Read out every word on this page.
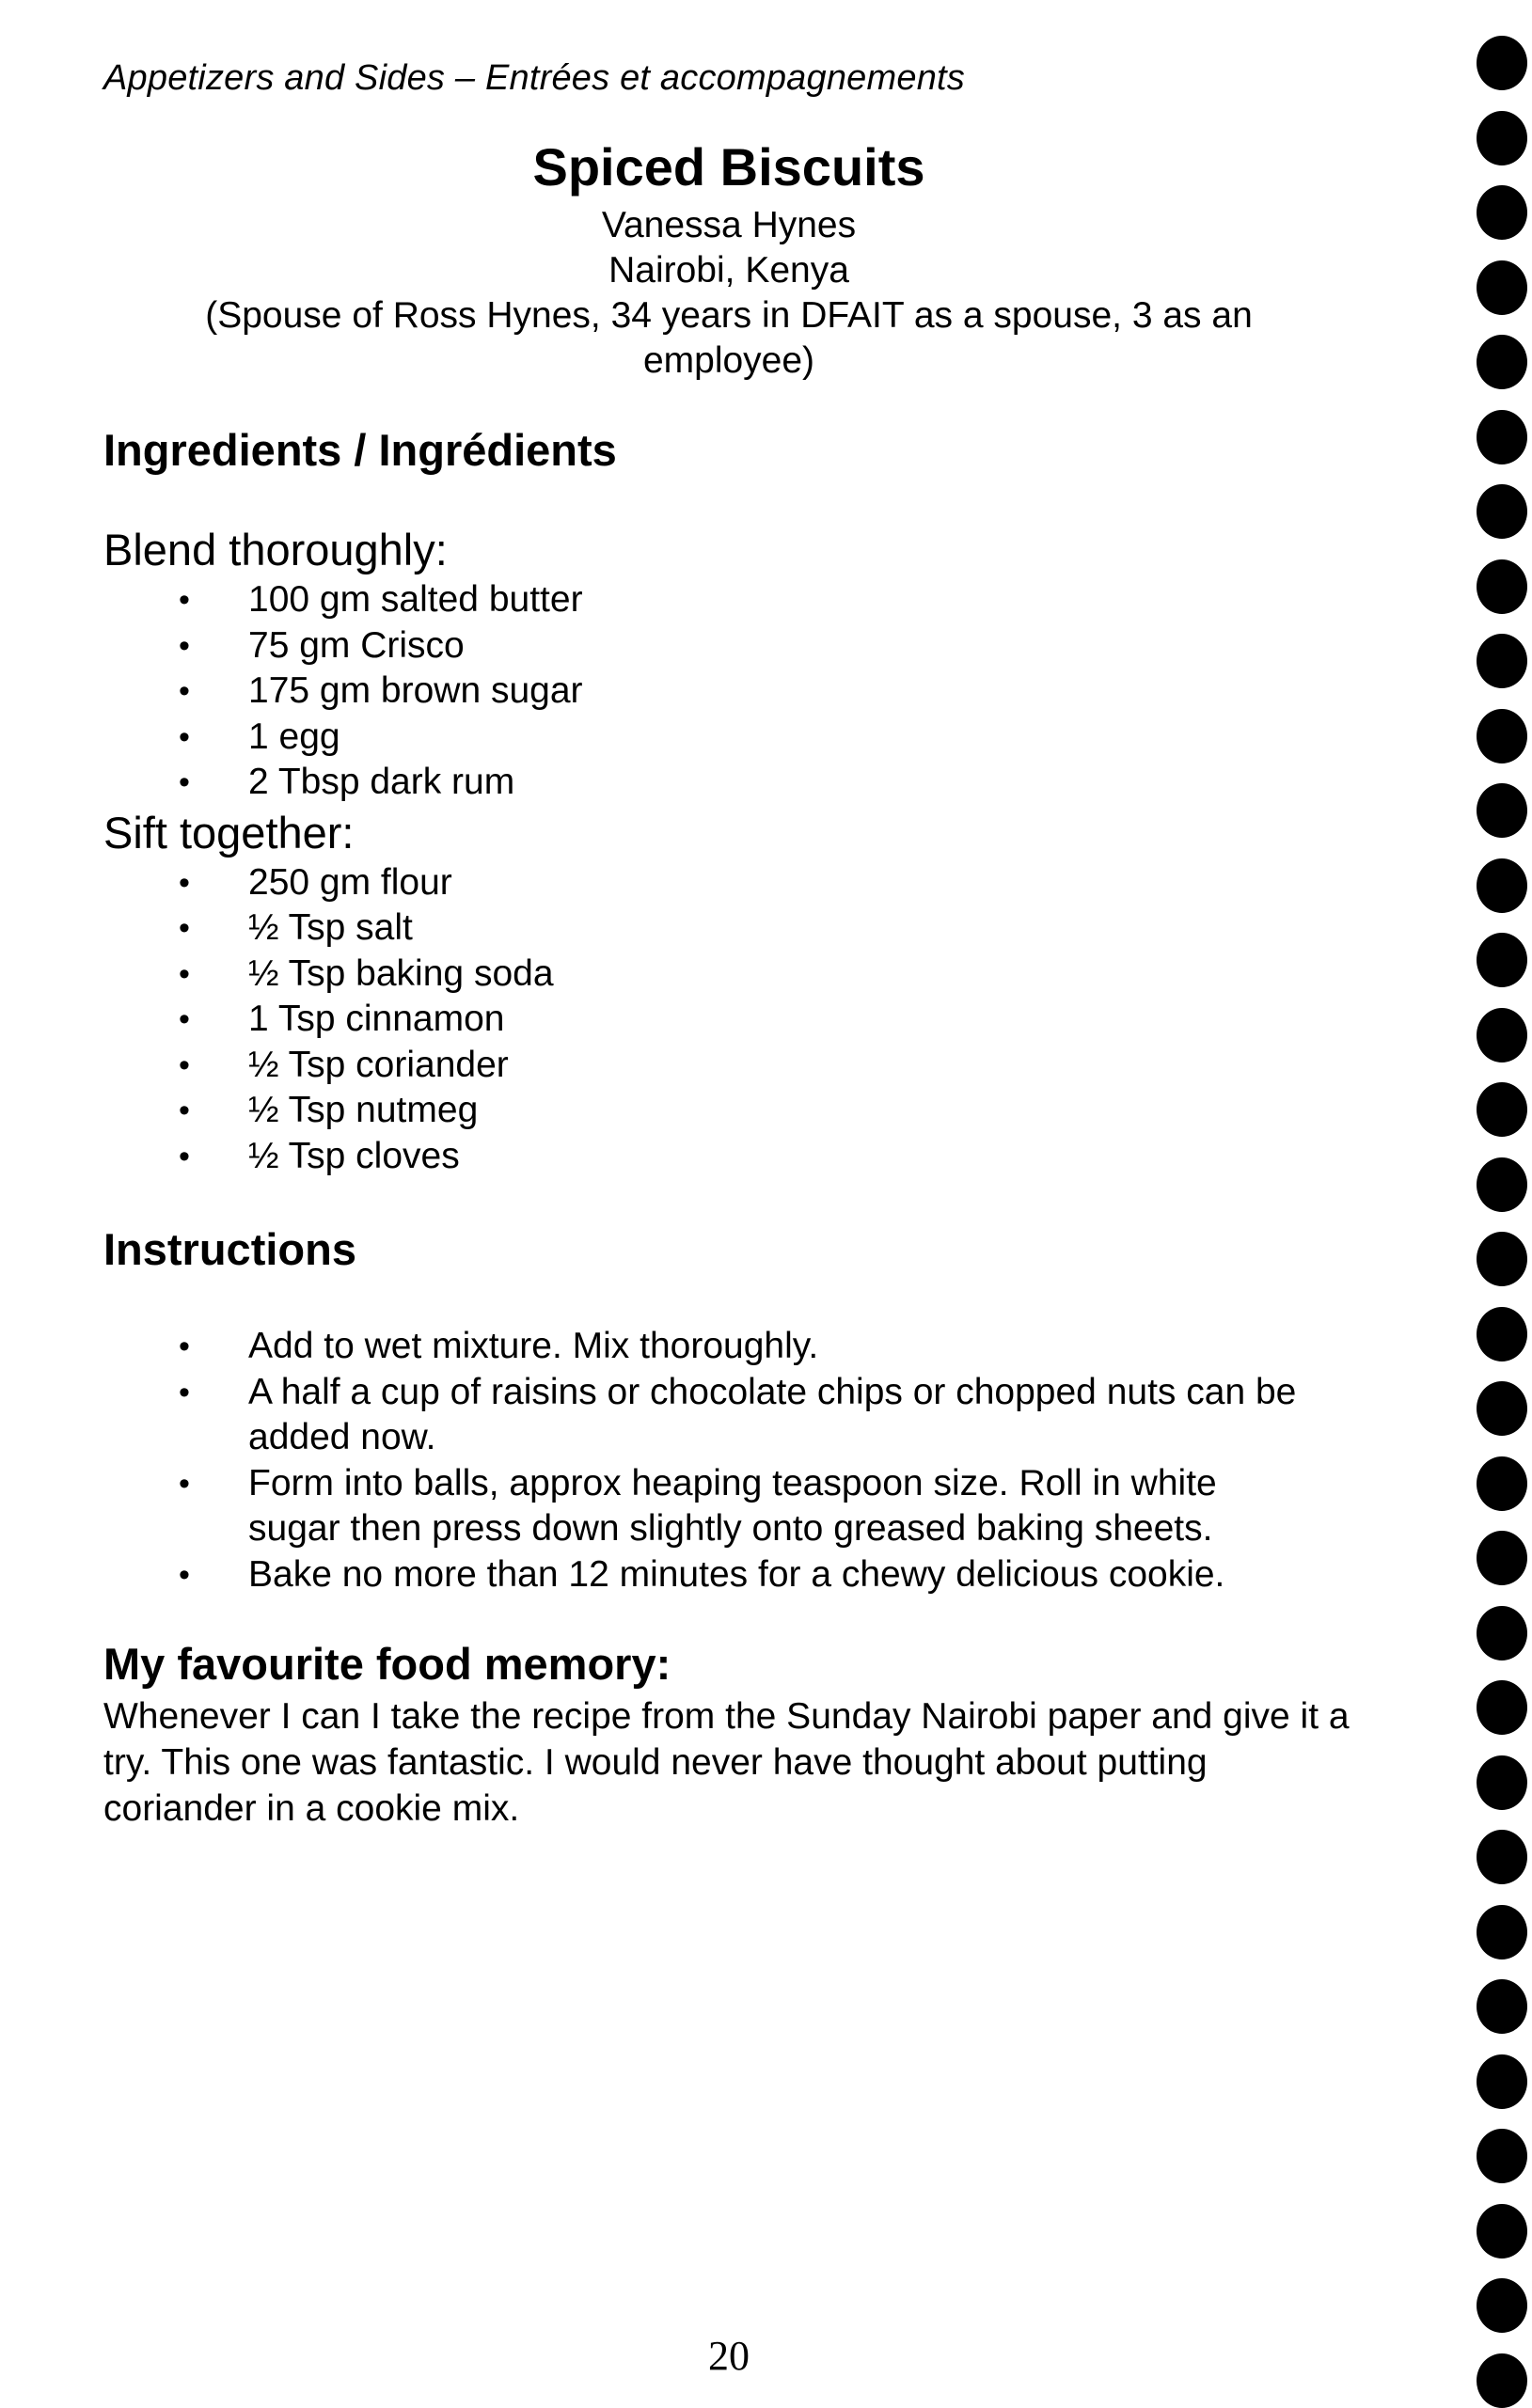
Appetizers and Sides – Entrées et accompagnements
Spiced Biscuits
Vanessa Hynes
Nairobi, Kenya
(Spouse of Ross Hynes, 34 years in DFAIT as a spouse, 3 as an
employee)
Ingredients / Ingrédients
Blend thoroughly:
• 100 gm salted butter
• 75 gm Crisco
• 175 gm brown sugar
• 1 egg
• 2 Tbsp dark rum
Sift together:
• 250 gm flour
• ½ Tsp salt
• ½ Tsp baking soda
• 1 Tsp cinnamon
• ½ Tsp coriander
• ½ Tsp nutmeg
• ½ Tsp cloves
Instructions
• Add to wet mixture. Mix thoroughly.
• A half a cup of raisins or chocolate chips or chopped nuts can be added now.
• Form into balls, approx heaping teaspoon size. Roll in white sugar then press down slightly onto greased baking sheets.
• Bake no more than 12 minutes for a chewy delicious cookie.
My favourite food memory:
Whenever I can I take the recipe from the Sunday Nairobi paper and give it a try. This one was fantastic. I would never have thought about putting coriander in a cookie mix.
20
